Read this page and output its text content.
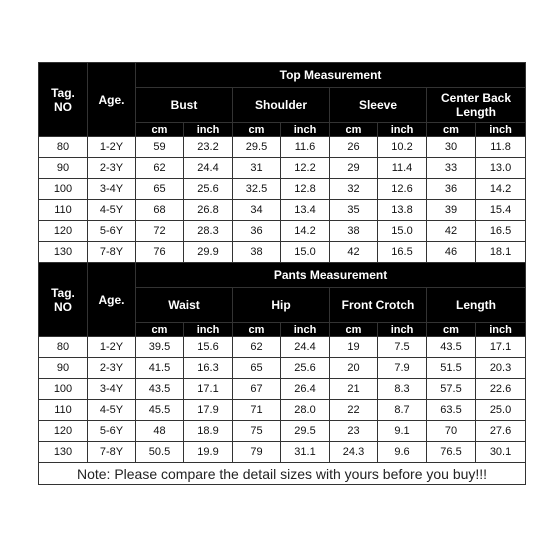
Tag.
NO	Age.	Top Measurement							
		Bust		Shoulder		Sleeve		Center Back
Length	
		cm	inch	cm	inch	cm	inch	cm	inch
80	1-2Y	59	23.2	29.5	11.6	26	10.2	30	11.8
90	2-3Y	62	24.4	31	12.2	29	11.4	33	13.0
100	3-4Y	65	25.6	32.5	12.8	32	12.6	36	14.2
110	4-5Y	68	26.8	34	13.4	35	13.8	39	15.4
120	5-6Y	72	28.3	36	14.2	38	15.0	42	16.5
130	7-8Y	76	29.9	38	15.0	42	16.5	46	18.1
Tag.
NO	Age.	Pants Measurement							
		Waist		Hip		Front Crotch		Length	
		cm	inch	cm	inch	cm	inch	cm	inch
80	1-2Y	39.5	15.6	62	24.4	19	7.5	43.5	17.1
90	2-3Y	41.5	16.3	65	25.6	20	7.9	51.5	20.3
100	3-4Y	43.5	17.1	67	26.4	21	8.3	57.5	22.6
110	4-5Y	45.5	17.9	71	28.0	22	8.7	63.5	25.0
120	5-6Y	48	18.9	75	29.5	23	9.1	70	27.6
130	7-8Y	50.5	19.9	79	31.1	24.3	9.6	76.5	30.1
Note: Please compare the detail sizes with yours before you buy!!!									
